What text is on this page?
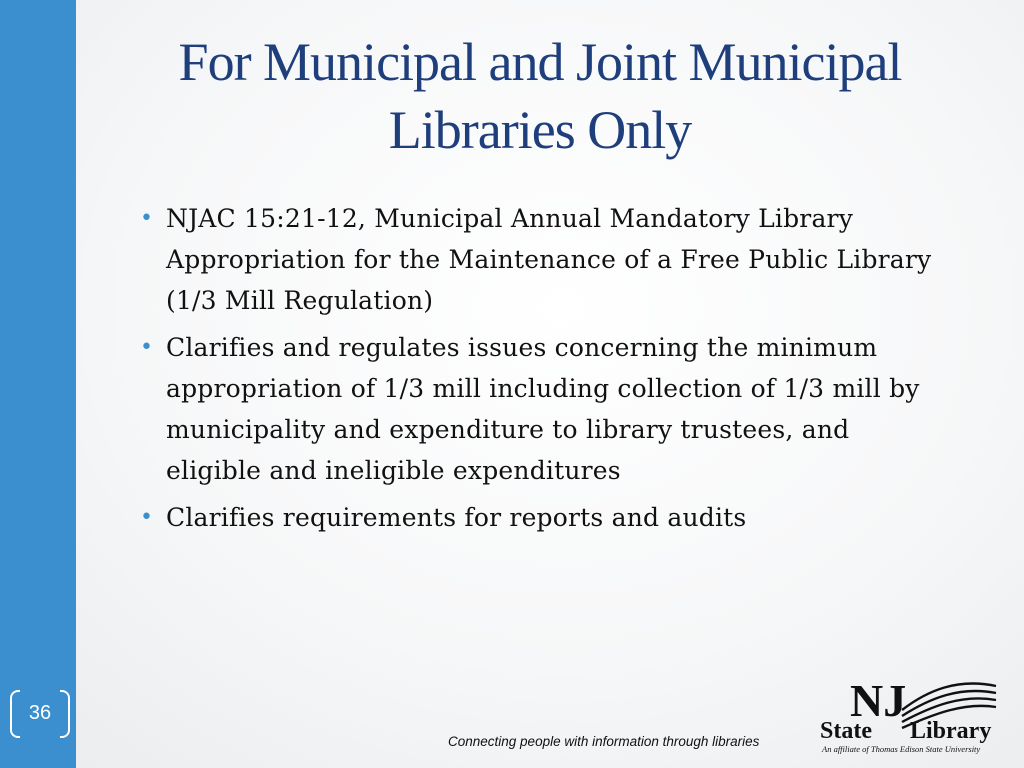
36
For Municipal and Joint Municipal Libraries Only
• NJAC 15:21-12, Municipal Annual Mandatory Library Appropriation for the Maintenance of a Free Public Library (1/3 Mill Regulation)
• Clarifies and regulates issues concerning the minimum appropriation of 1/3 mill including collection of 1/3 mill by municipality and expenditure to library trustees, and eligible and ineligible expenditures
• Clarifies requirements for reports and audits
Connecting people with information through libraries
NJ
State Library
An affiliate of Thomas Edison State University
